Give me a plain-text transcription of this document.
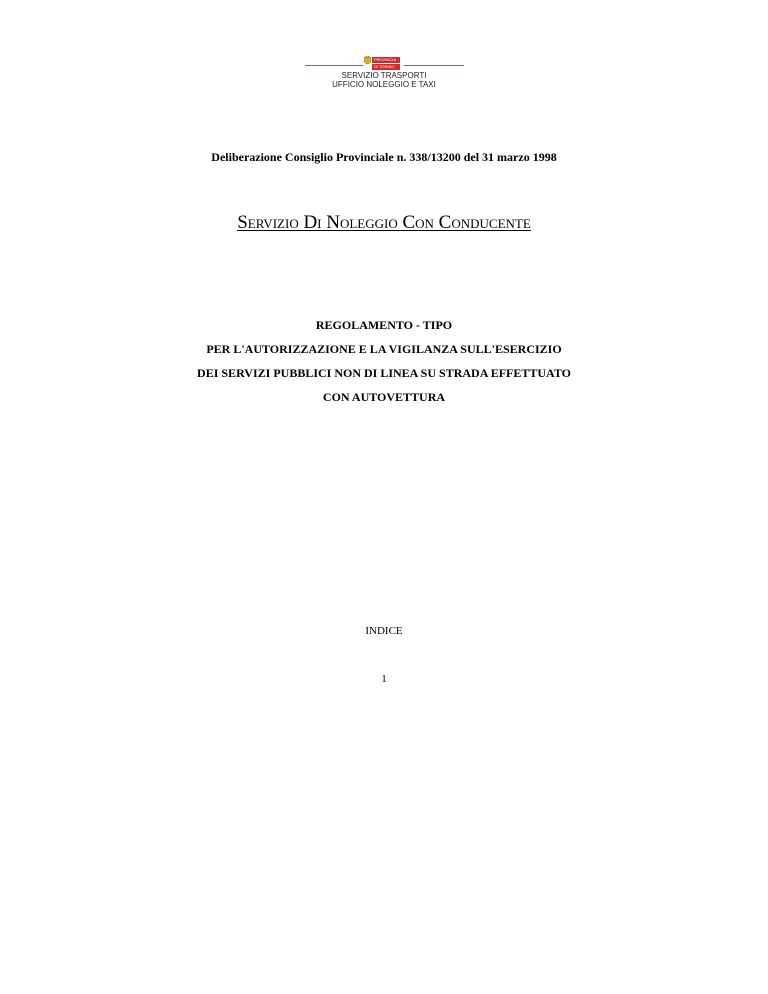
PROVINCIA
DI TORINO
SERVIZIO TRASPORTI
UFFICIO NOLEGGIO E TAXI
Deliberazione Consiglio Provinciale n. 338/13200 del 31 marzo 1998
Servizio Di Noleggio Con Conducente
REGOLAMENTO - TIPO
PER L'AUTORIZZAZIONE E LA VIGILANZA SULL'ESERCIZIO
DEI SERVIZI PUBBLICI NON DI LINEA SU STRADA EFFETTUATO
CON AUTOVETTURA
INDICE
1
